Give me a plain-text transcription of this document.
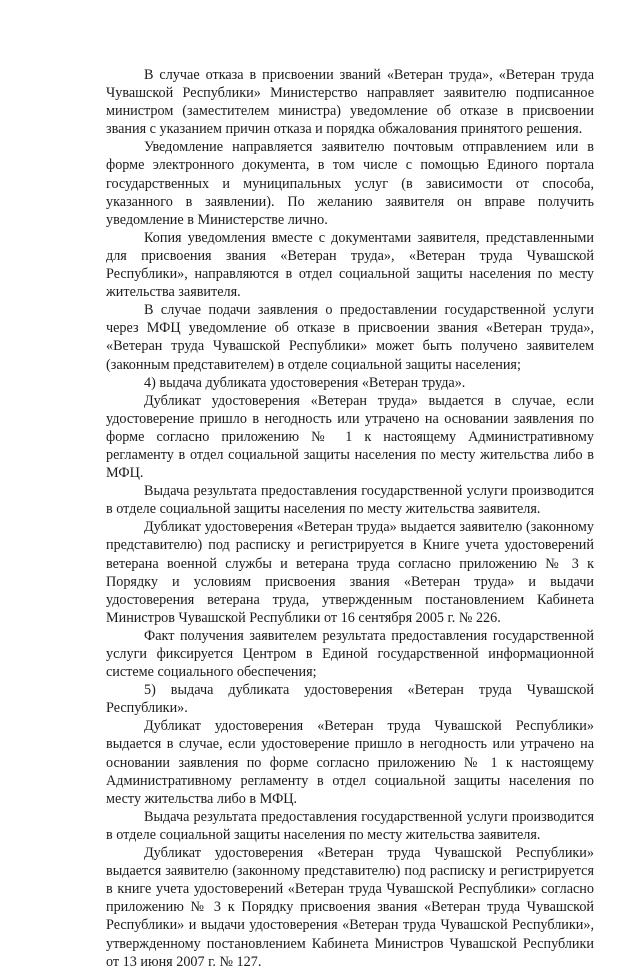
В случае отказа в присвоении званий «Ветеран труда», «Ветеран труда Чувашской Республики» Министерство направляет заявителю подписанное министром (заместителем министра) уведомление об отказе в присвоении звания с указанием причин отказа и порядка обжалования принятого решения.

Уведомление направляется заявителю почтовым отправлением или в форме электронного документа, в том числе с помощью Единого портала государственных и муниципальных услуг (в зависимости от способа, указанного в заявлении). По желанию заявителя он вправе получить уведомление в Министерстве лично.

Копия уведомления вместе с документами заявителя, представленными для присвоения звания «Ветеран труда», «Ветеран труда Чувашской Республики», направляются в отдел социальной защиты населения по месту жительства заявителя.

В случае подачи заявления о предоставлении государственной услуги через МФЦ уведомление об отказе в присвоении звания «Ветеран труда», «Ветеран труда Чувашской Республики» может быть получено заявителем (законным представителем) в отделе социальной защиты населения;

4) выдача дубликата удостоверения «Ветеран труда».

Дубликат удостоверения «Ветеран труда» выдается в случае, если удостоверение пришло в негодность или утрачено на основании заявления по форме согласно приложению № 1 к настоящему Административному регламенту в отдел социальной защиты населения по месту жительства либо в МФЦ.

Выдача результата предоставления государственной услуги производится в отделе социальной защиты населения по месту жительства заявителя.

Дубликат удостоверения «Ветеран труда» выдается заявителю (законному представителю) под расписку и регистрируется в Книге учета удостоверений ветерана военной службы и ветерана труда согласно приложению № 3 к Порядку и условиям присвоения звания «Ветеран труда» и выдачи удостоверения ветерана труда, утвержденным постановлением Кабинета Министров Чувашской Республики от 16 сентября 2005 г. № 226.

Факт получения заявителем результата предоставления государственной услуги фиксируется Центром в Единой государственной информационной системе социального обеспечения;

5) выдача дубликата удостоверения «Ветеран труда Чувашской Республики».

Дубликат удостоверения «Ветеран труда Чувашской Республики» выдается в случае, если удостоверение пришло в негодность или утрачено на основании заявления по форме согласно приложению № 1 к настоящему Административному регламенту в отдел социальной защиты населения по месту жительства либо в МФЦ.

Выдача результата предоставления государственной услуги производится в отделе социальной защиты населения по месту жительства заявителя.

Дубликат удостоверения «Ветеран труда Чувашской Республики» выдается заявителю (законному представителю) под расписку и регистрируется в книге учета удостоверений «Ветеран труда Чувашской Республики» согласно приложению № 3 к Порядку присвоения звания «Ветеран труда Чувашской Республики» и выдачи удостоверения «Ветеран труда Чувашской Республики», утвержденному постановлением Кабинета Министров Чувашской Республики от 13 июня 2007 г. № 127.
